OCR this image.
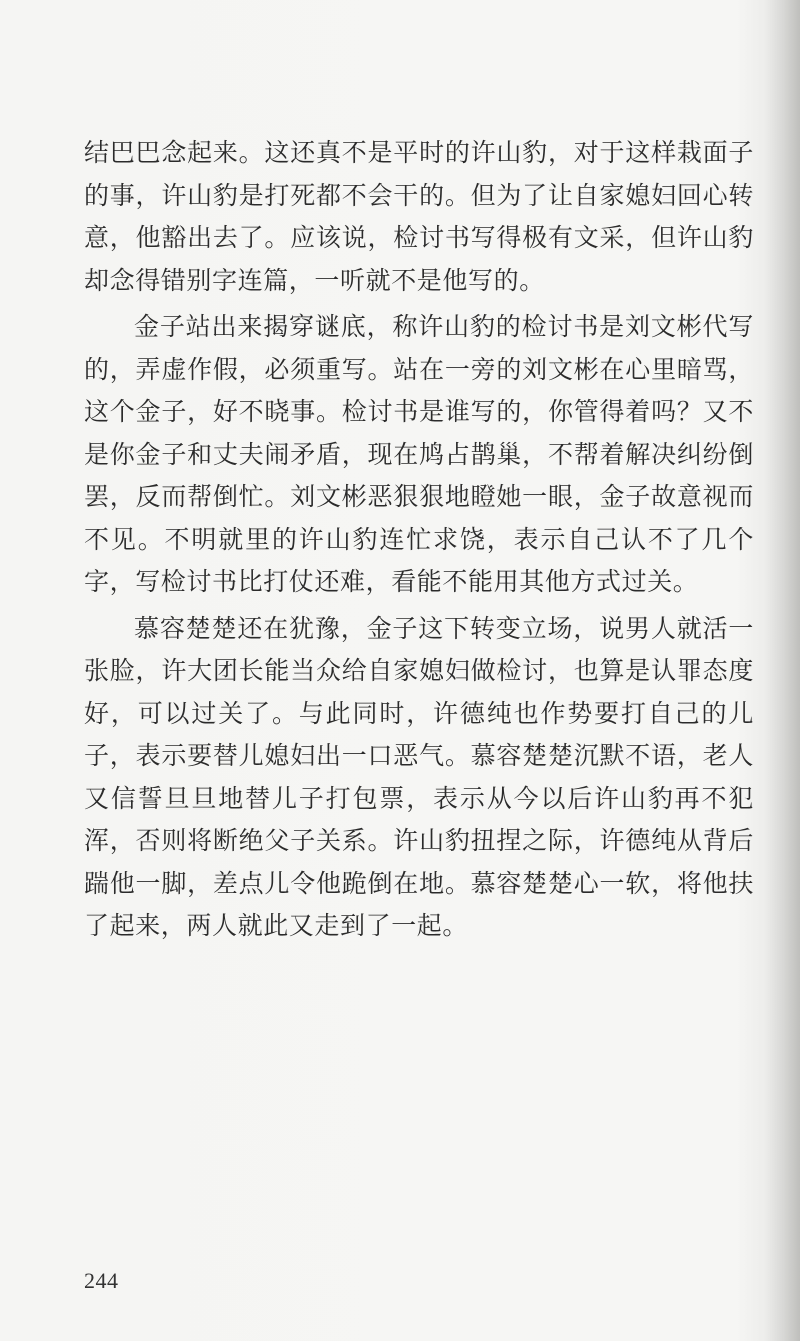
结巴巴念起来。这还真不是平时的许山豹，对于这样栽面子的事，许山豹是打死都不会干的。但为了让自家媳妇回心转意，他豁出去了。应该说，检讨书写得极有文采，但许山豹却念得错别字连篇，一听就不是他写的。

金子站出来揭穿谜底，称许山豹的检讨书是刘文彬代写的，弄虚作假，必须重写。站在一旁的刘文彬在心里暗骂，这个金子，好不晓事。检讨书是谁写的，你管得着吗？又不是你金子和丈夫闹矛盾，现在鸠占鹊巢，不帮着解决纠纷倒罢，反而帮倒忙。刘文彬恶狠狠地瞪她一眼，金子故意视而不见。不明就里的许山豹连忙求饶，表示自己认不了几个字，写检讨书比打仗还难，看能不能用其他方式过关。

慕容楚楚还在犹豫，金子这下转变立场，说男人就活一张脸，许大团长能当众给自家媳妇做检讨，也算是认罪态度好，可以过关了。与此同时，许德纯也作势要打自己的儿子，表示要替儿媳妇出一口恶气。慕容楚楚沉默不语，老人又信誓旦旦地替儿子打包票，表示从今以后许山豹再不犯浑，否则将断绝父子关系。许山豹扭捏之际，许德纯从背后踹他一脚，差点儿令他跪倒在地。慕容楚楚心一软，将他扶了起来，两人就此又走到了一起。

244
